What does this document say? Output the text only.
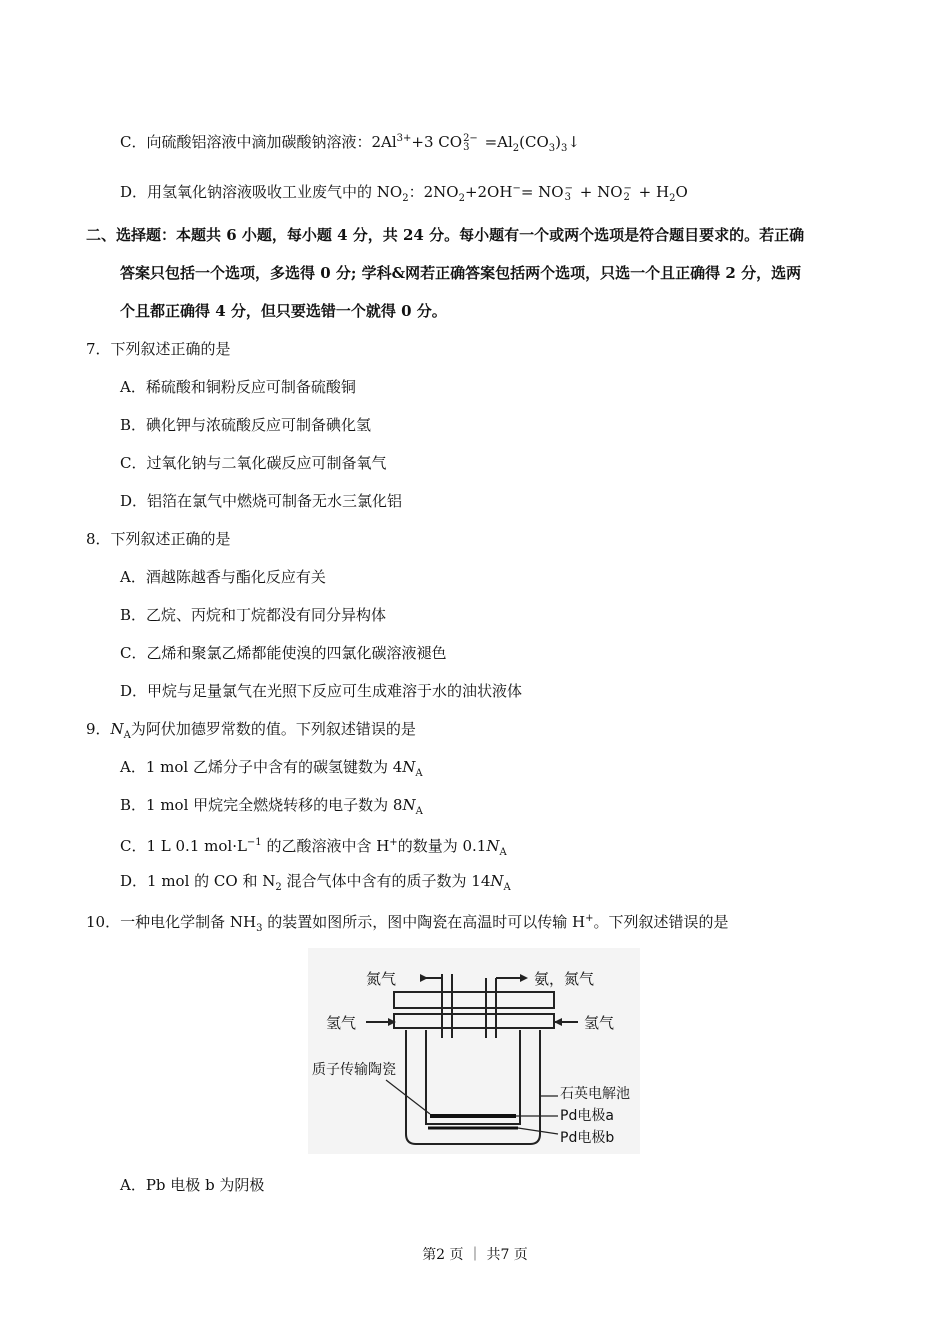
C．向硫酸铝溶液中滴加碳酸钠溶液：$2Al^{3+}+3$ CO 2−
$3 =Al_2(CO_3)_3↓$
D．用氢氧化钠溶液吸收工业废气中的 $NO_2$：$2NO_2+2OH^-=$ NO −
3 + NO −
$2 + H_2O$
二、选择题：本题共 6 小题，每小题 4 分，共 24 分。每小题有一个或两个选项是符合题目要求的。若正确
答案只包括一个选项，多选得 0 分; 学科&网若正确答案包括两个选项，只选一个且正确得 2 分，选两
个且都正确得 4 分，但只要选错一个就得 0 分。
7．下列叙述正确的是
A．稀硫酸和铜粉反应可制备硫酸铜
B．碘化钾与浓硫酸反应可制备碘化氢
C．过氧化钠与二氧化碳反应可制备氧气
D．铝箔在氯气中燃烧可制备无水三氯化铝
8．下列叙述正确的是
A．酒越陈越香与酯化反应有关
B．乙烷、丙烷和丁烷都没有同分异构体
C．乙烯和聚氯乙烯都能使溴的四氯化碳溶液褪色
D．甲烷与足量氯气在光照下反应可生成难溶于水的油状液体
9．$N_A$为阿伏加德罗常数的值。下列叙述错误的是
A．1 mol 乙烯分子中含有的碳氢键数为 $4N_A$
B．1 mol 甲烷完全燃烧转移的电子数为 $8N_A$
C．1 L 0.1 $mol\cdot L^{-1}$ 的乙酸溶液中含 H+的数量为 $0.1N_A$
D．1 mol 的 CO 和 $N_2$ 混合气体中含有的质子数为 $14N_A$
10．一种电化学制备 $NH_3$ 的装置如图所示，图中陶瓷在高温时可以传输 H+。下列叙述错误的是
氮气	氨，氮气
氢气	氢气
质子传输陶瓷
石英电解池
Pd电极a
Pd电极b
A．Pb 电极 b 为阴极
第2 页 ｜ 共7 页
